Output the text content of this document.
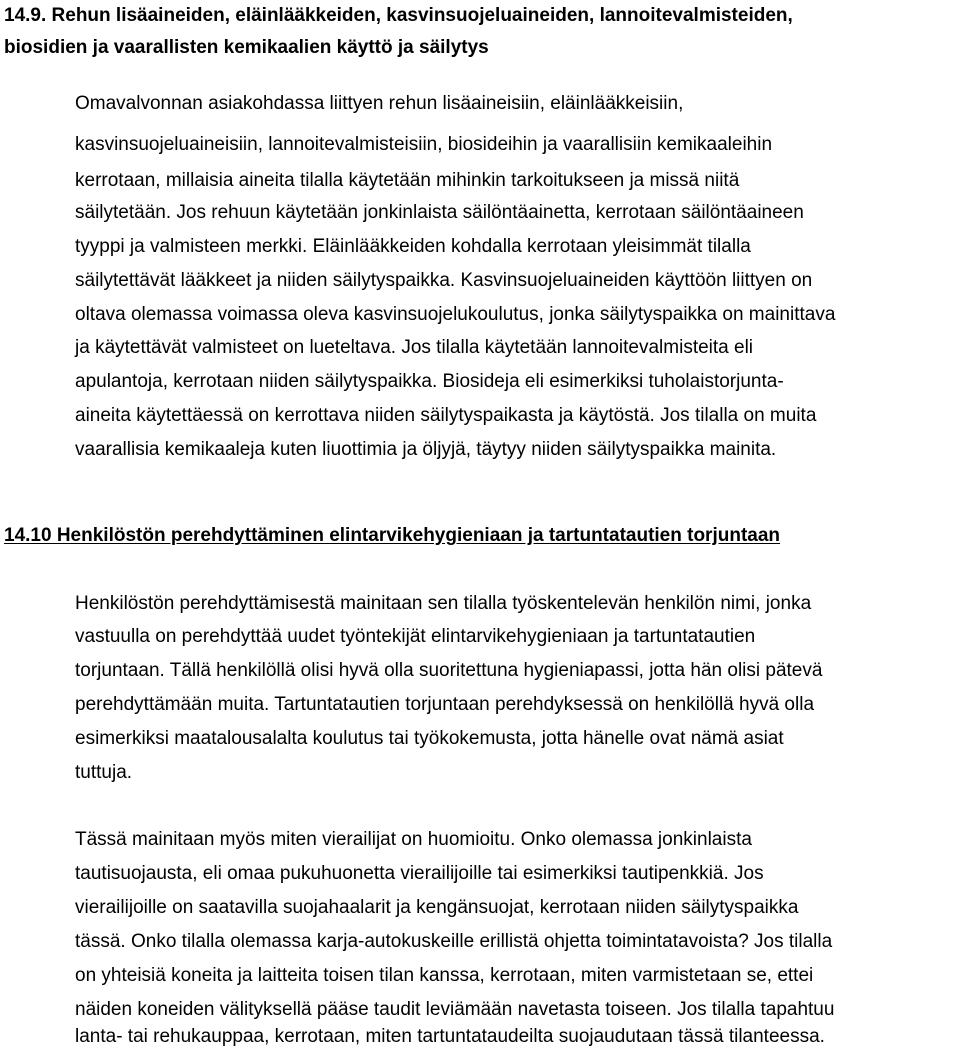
14.9. Rehun lisäaineiden, eläinlääkkeiden, kasvinsuojeluaineiden, lannoitevalmisteiden,
biosidien ja vaarallisten kemikaalien käyttö ja säilytys
Omavalvonnan asiakohdassa liittyen rehun lisäaineisiin, eläinlääkkeisiin,
kasvinsuojeluaineisiin, lannoitevalmisteisiin, biosideihin ja vaarallisiin kemikaaleihin
kerrotaan, millaisia aineita tilalla käytetään mihinkin tarkoitukseen ja missä niitä
säilytetään. Jos rehuun käytetään jonkinlaista säilöntäainetta, kerrotaan säilöntäaineen
tyyppi ja valmisteen merkki. Eläinlääkkeiden kohdalla kerrotaan yleisimmät tilalla
säilytettävät lääkkeet ja niiden säilytyspaikka. Kasvinsuojeluaineiden käyttöön liittyen on
oltava olemassa voimassa oleva kasvinsuojelukoulutus, jonka säilytyspaikka on mainittava
ja käytettävät valmisteet on lueteltava. Jos tilalla käytetään lannoitevalmisteita eli
apulantoja, kerrotaan niiden säilytyspaikka. Biosideja eli esimerkiksi tuholaistorjunta-
aineita käytettäessä on kerrottava niiden säilytyspaikasta ja käytöstä. Jos tilalla on muita
vaarallisia kemikaaleja kuten liuottimia ja öljyjä, täytyy niiden säilytyspaikka mainita.
14.10 Henkilöstön perehdyttäminen elintarvikehygieniaan ja tartuntatautien torjuntaan
Henkilöstön perehdyttämisestä mainitaan sen tilalla työskentelevän henkilön nimi, jonka
vastuulla on perehdyttää uudet työntekijät elintarvikehygieniaan ja tartuntatautien
torjuntaan. Tällä henkilöllä olisi hyvä olla suoritettuna hygieniapassi, jotta hän olisi pätevä
perehdyttämään muita. Tartuntatautien torjuntaan perehdyksessä on henkilöllä hyvä olla
esimerkiksi maatalousalalta koulutus tai työkokemusta, jotta hänelle ovat nämä asiat
tuttuja.
Tässä mainitaan myös miten vierailijat on huomioitu. Onko olemassa jonkinlaista
tautisuojausta, eli omaa pukuhuonetta vierailijoille tai esimerkiksi tautipenkkiä. Jos
vierailijoille on saatavilla suojahaalarit ja kengänsuojat, kerrotaan niiden säilytyspaikka
tässä. Onko tilalla olemassa karja-autokuskeille erillistä ohjetta toimintatavoista? Jos tilalla
on yhteisiä koneita ja laitteita toisen tilan kanssa, kerrotaan, miten varmistetaan se, ettei
näiden koneiden välityksellä pääse taudit leviämään navetasta toiseen. Jos tilalla tapahtuu
lanta- tai rehukauppaa, kerrotaan, miten tartuntataudeilta suojaudutaan tässä tilanteessa.
